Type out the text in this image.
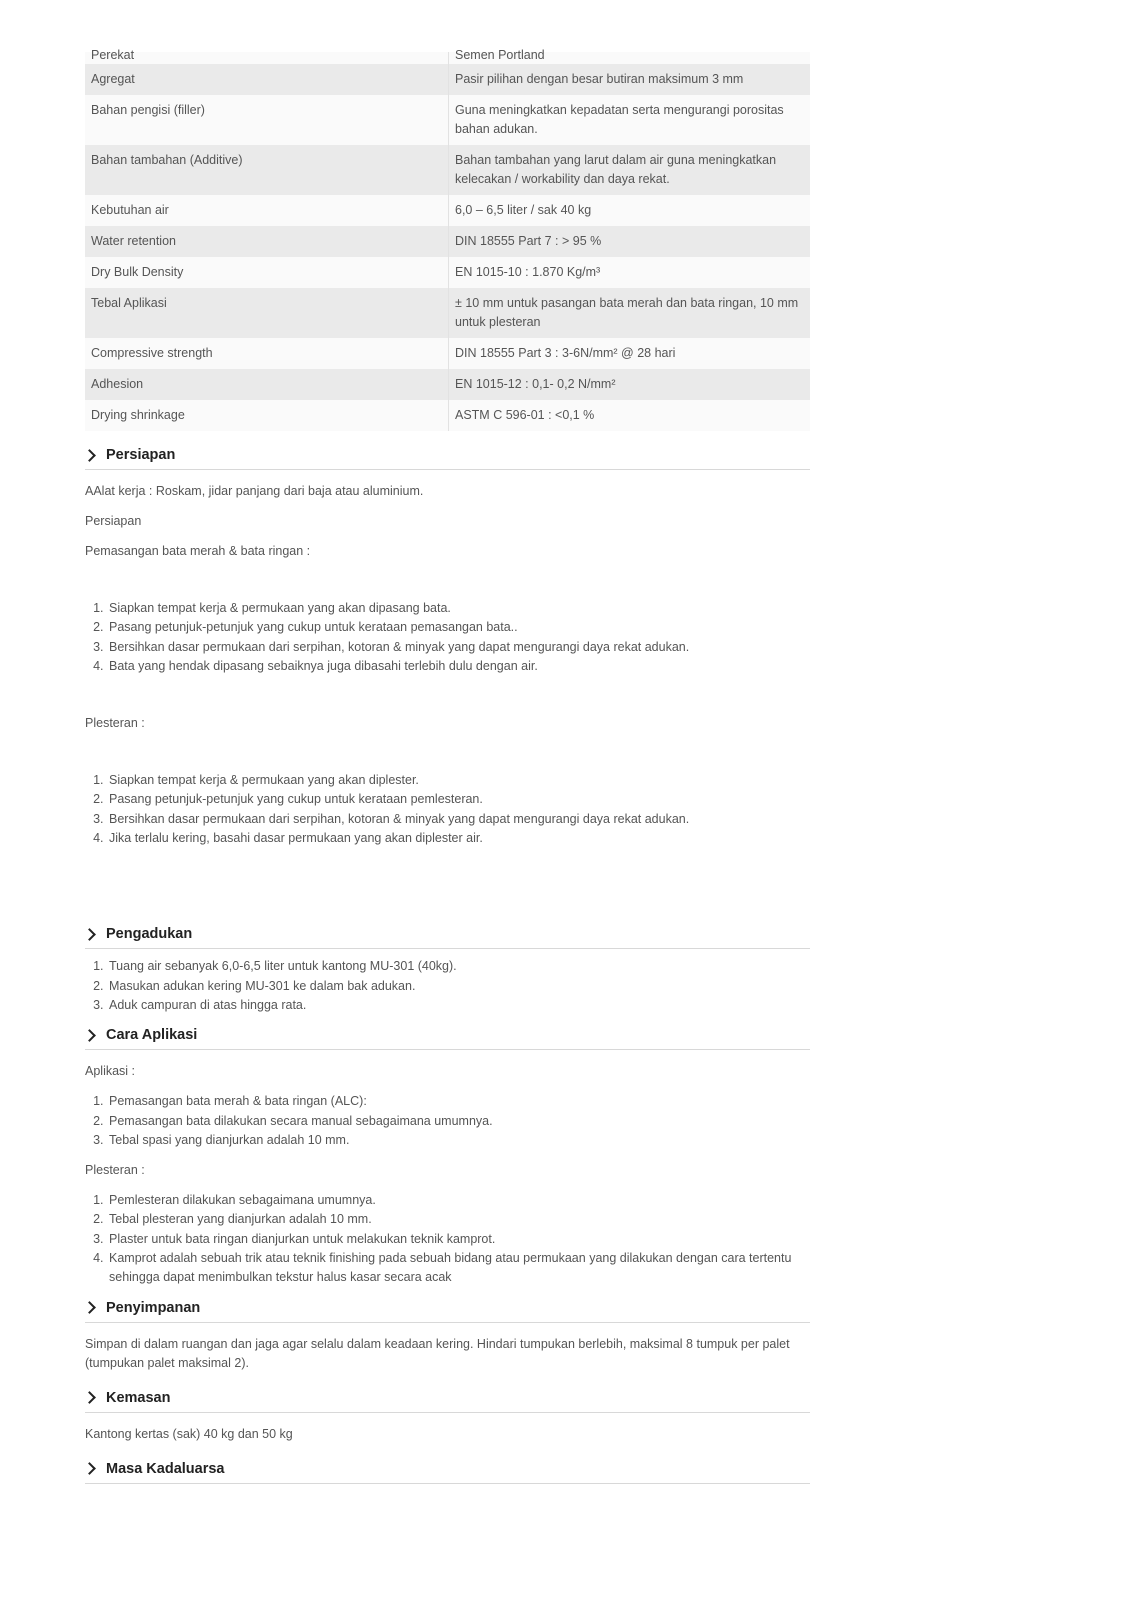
Perekat	Semen Portland

Agregat	Pasir pilihan dengan besar butiran maksimum 3 mm
Bahan pengisi (filler)	Guna meningkatkan kepadatan serta mengurangi porositas bahan adukan.
Bahan tambahan (Additive)	Bahan tambahan yang larut dalam air guna meningkatkan kelecakan / workability dan daya rekat.
Kebutuhan air	6,0 – 6,5 liter / sak 40 kg
Water retention	DIN 18555 Part 7 : > 95 %
Dry Bulk Density	EN 1015-10 : 1.870 Kg/m³
Tebal Aplikasi	± 10 mm untuk pasangan bata merah dan bata ringan, 10 mm untuk plesteran
Compressive strength	DIN 18555 Part 3 : 3-6N/mm² @ 28 hari
Adhesion	EN 1015-12 : 0,1- 0,2 N/mm²
Drying shrinkage	ASTM C 596-01 : <0,1 %
Persiapan

AAlat kerja : Roskam, jidar panjang dari baja atau aluminium.

Persiapan

Pemasangan bata merah & bata ringan :

1. Siapkan tempat kerja & permukaan yang akan dipasang bata.
2. Pasang petunjuk-petunjuk yang cukup untuk kerataan pemasangan bata..
3. Bersihkan dasar permukaan dari serpihan, kotoran & minyak yang dapat mengurangi daya rekat adukan.
4. Bata yang hendak dipasang sebaiknya juga dibasahi terlebih dulu dengan air.

Plesteran :

1. Siapkan tempat kerja & permukaan yang akan diplester.
2. Pasang petunjuk-petunjuk yang cukup untuk kerataan pemlesteran.
3. Bersihkan dasar permukaan dari serpihan, kotoran & minyak yang dapat mengurangi daya rekat adukan.
4. Jika terlalu kering, basahi dasar permukaan yang akan diplester air.
Pengadukan
1. Tuang air sebanyak 6,0-6,5 liter untuk kantong MU-301 (40kg).
2. Masukan adukan kering MU-301 ke dalam bak adukan.
3. Aduk campuran di atas hingga rata.
Cara Aplikasi

Aplikasi :

1. Pemasangan bata merah & bata ringan (ALC):
2. Pemasangan bata dilakukan secara manual sebagaimana umumnya.
3. Tebal spasi yang dianjurkan adalah 10 mm.

Plesteran :

1. Pemlesteran dilakukan sebagaimana umumnya.
2. Tebal plesteran yang dianjurkan adalah 10 mm.
3. Plaster untuk bata ringan dianjurkan untuk melakukan teknik kamprot.
4. Kamprot adalah sebuah trik atau teknik finishing pada sebuah bidang atau permukaan yang dilakukan dengan cara tertentu sehingga dapat menimbulkan tekstur halus kasar secara acak
Penyimpanan

Simpan di dalam ruangan dan jaga agar selalu dalam keadaan kering. Hindari tumpukan berlebih, maksimal 8 tumpuk per palet (tumpukan palet maksimal 2).

Kemasan

Kantong kertas (sak) 40 kg dan 50 kg

Masa Kadaluarsa
